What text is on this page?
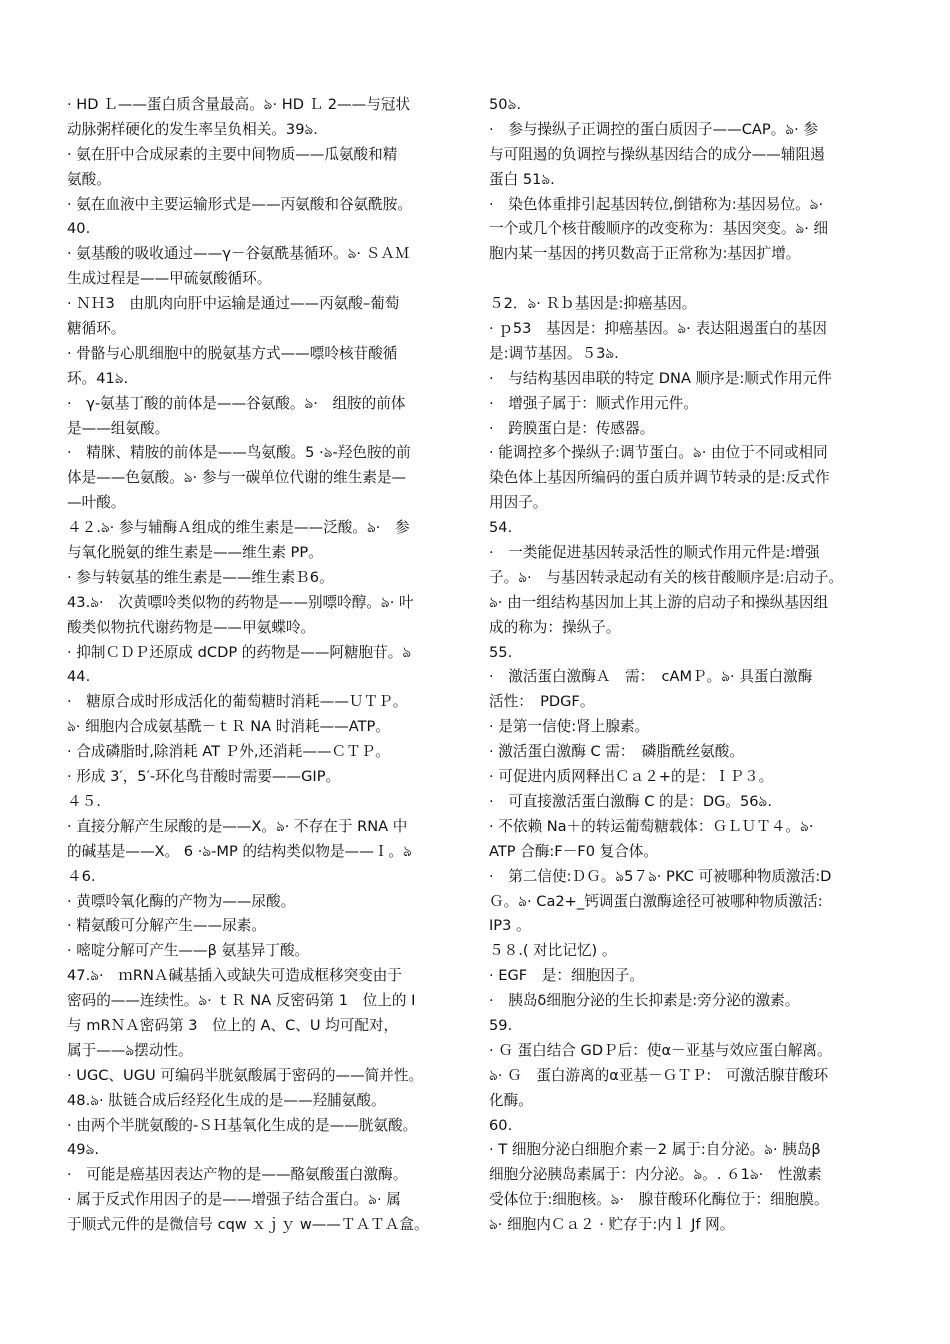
· HD Ｌ——蛋白质含量最高。ঌ· HD Ｌ 2——与冠状
动脉粥样硬化的发生率呈负相关。39ঌ.
· 氨在肝中合成尿素的主要中间物质——瓜氨酸和精
氨酸。
· 氨在血液中主要运输形式是——丙氨酸和谷氨酰胺。
40.
· 氨基酸的吸收通过——γ－谷氨酰基循环。ঌ· ＳＡＭ
生成过程是——甲硫氨酸循环。
· ＮＨ3　由肌肉向肝中运输是通过——丙氨酸–葡萄
糖循环。
· 骨骼与心肌细胞中的脱氨基方式——嘌呤核苷酸循
环。41ঌ.
·　γ-氨基丁酸的前体是——谷氨酸。ঌ·　组胺的前体
是——组氨酸。
·　精脒、精胺的前体是——鸟氨酸。5 ·ঌ-羟色胺的前
体是——色氨酸。ঌ· 参与一碳单位代谢的维生素是—
—叶酸。
４２.ঌ· 参与辅酶Ａ组成的维生素是——泛酸。ঌ·　参
与氧化脱氨的维生素是——维生素 PP。
· 参与转氨基的维生素是——维生素Ｂ6。
43.ঌ·　次黄嘌呤类似物的药物是——别嘌呤醇。ঌ· 叶
酸类似物抗代谢药物是——甲氨蝶呤。
· 抑制ＣＤＰ还原成 dCDP 的药物是——阿糖胞苷。ঌ
44.
·　糖原合成时形成活化的葡萄糖时消耗——ＵＴＰ。
ঌ· 细胞内合成氨基酰－ｔＲ NA 时消耗——ATP。
· 合成磷脂时,除消耗 AT Ｐ外,还消耗——ＣＴＰ。
· 形成 3′，5′-环化鸟苷酸时需要——GIP。
４５.
· 直接分解产生尿酸的是——X。ঌ· 不存在于 RNA 中
的碱基是——X。 6 ·ঌ-MP 的结构类似物是——Ｉ。ঌ
４6.
· 黄嘌呤氧化酶的产物为——尿酸。
· 精氨酸可分解产生——尿素。
· 嘧啶分解可产生——β 氨基异丁酸。
47.ঌ·　ｍRNＡ碱基插入或缺失可造成框移突变由于
密码的——连续性。ঌ· ｔＲ NA 反密码第 1　位上的 I
与 mRＮＡ密码第 3　位上的 A、C、U 均可配对，
属于——ঌ摆动性。
· UGC、UGU 可编码半胱氨酸属于密码的——简并性。
48.ঌ· 肽链合成后经羟化生成的是——羟脯氨酸。
· 由两个半胱氨酸的-ＳＨ基氧化生成的是——胱氨酸。
49ঌ.
·　可能是癌基因表达产物的是——酪氨酸蛋白激酶。
· 属于反式作用因子的是——增强子结合蛋白。ঌ· 属
于顺式元件的是微信号 cqw ｘｊｙ w——ＴＡＴＡ盒。
50ঌ.
·　参与操纵子正调控的蛋白质因子——CAP。ঌ· 参
与可阻遏的负调控与操纵基因结合的成分——辅阻遏
蛋白 51ঌ.
·　染色体重排引起基因转位,倒错称为:基因易位。ঌ·
一个或几个核苷酸顺序的改变称为：基因突变。ঌ· 细
胞内某一基因的拷贝数高于正常称为:基因扩增。
５2．ঌ· Ｒｂ基因是:抑癌基因。
· ｐ53　基因是：抑癌基因。ঌ· 表达阻遏蛋白的基因
是:调节基因。５3ঌ.
·　与结构基因串联的特定 DNA 顺序是:顺式作用元件
·　增强子属于：顺式作用元件。
·　跨膜蛋白是：传感器。
· 能调控多个操纵子:调节蛋白。ঌ· 由位于不同或相同
染色体上基因所编码的蛋白质并调节转录的是:反式作
用因子。
54.
·　一类能促进基因转录活性的顺式作用元件是:增强
子。ঌ·　与基因转录起动有关的核苷酸顺序是:启动子。
ঌ· 由一组结构基因加上其上游的启动子和操纵基因组
成的称为：操纵子。
55.
·　激活蛋白激酶Ａ　需：　cAMＰ。ঌ· 具蛋白激酶
活性：　PDGF。
· 是第一信使:肾上腺素。
· 激活蛋白激酶 C 需：　磷脂酰丝氨酸。
· 可促进内质网释出Ｃａ２+的是：ＩＰ３。
·　可直接激活蛋白激酶 C 的是：DG。56ঌ.
· 不依赖 Na＋的转运葡萄糖载体：ＧＬＵＴ４。ঌ·
ATP 合酶:F－F0 复合体。
·　第二信使:ＤＧ。ঌ5７ঌ· PKC 可被哪种物质激活:D
Ｇ。ঌ· Ca2+_钙调蛋白激酶途径可被哪种物质激活:
IP3 。
５８.( 对比记忆) 。
· EGF　是：细胞因子。
·　胰岛δ细胞分泌的生长抑素是:旁分泌的激素。
59.
· Ｇ 蛋白结合 GDＰ后：使α－亚基与效应蛋白解离。
ঌ· Ｇ　蛋白游离的α亚基－ＧＴＰ:　可激活腺苷酸环
化酶。
60.
· T 细胞分泌白细胞介素－2 属于:自分泌。ঌ· 胰岛β
细胞分泌胰岛素属于：内分泌。ঌ。. ６1ঌ·　性激素
受体位于:细胞核。ঌ·　腺苷酸环化酶位于：细胞膜。
ঌ· 细胞内Ｃａ２ · 贮存于:内ｌ Jf 网。
